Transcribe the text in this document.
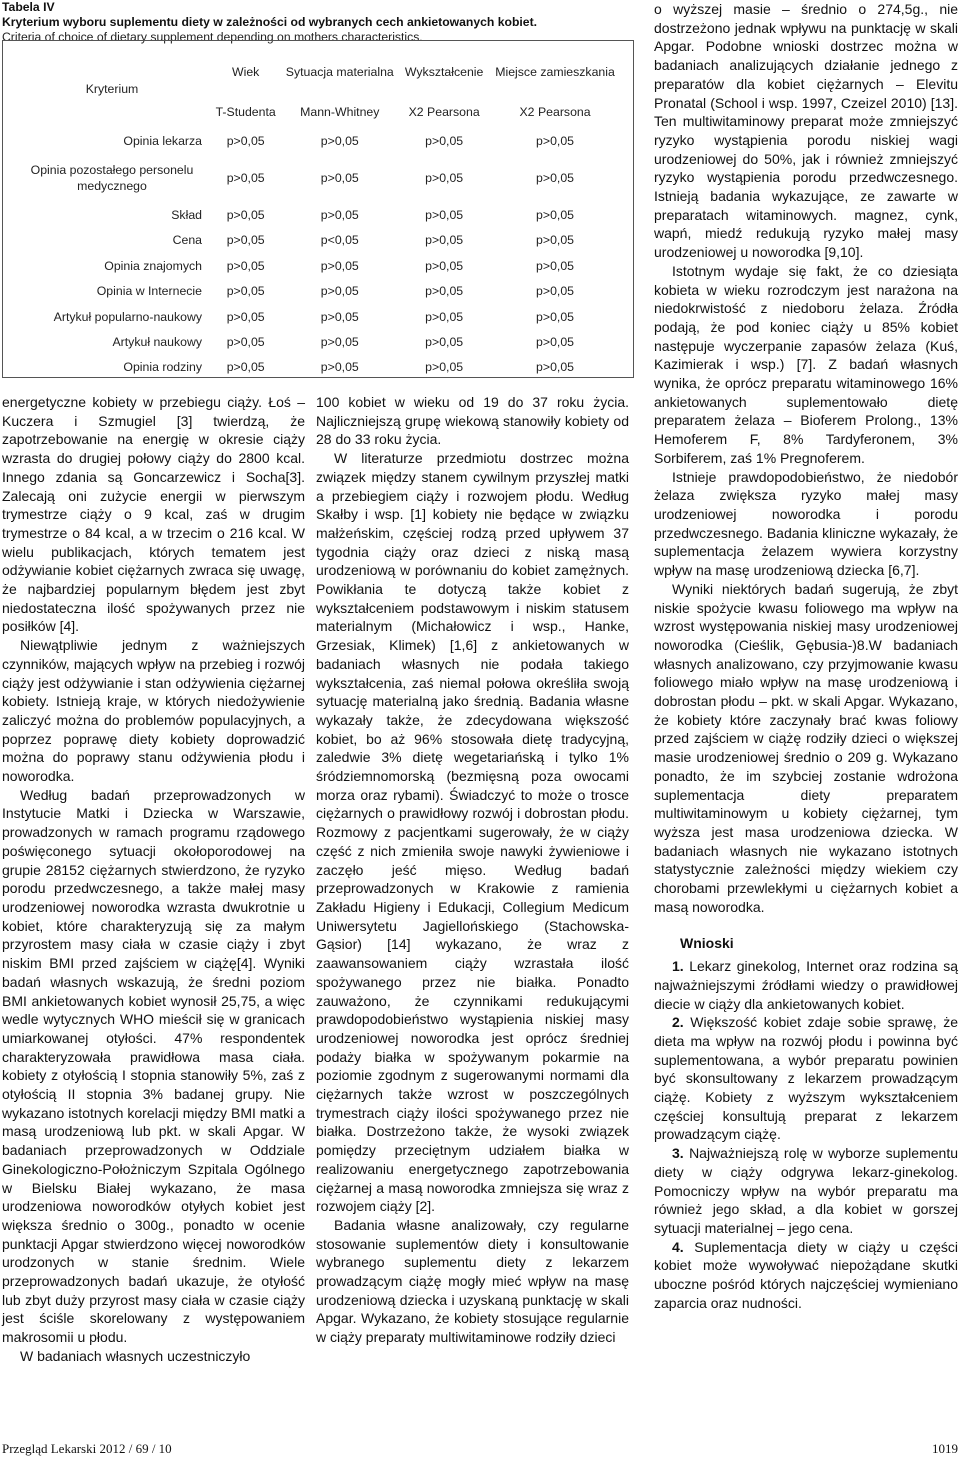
Tabela IV
Kryterium wyboru suplementu diety w zależności od wybranych cech ankietowanych kobiet.
Criteria of choice of dietary supplement depending on mothers characteristics.
Kryterium	Wiek	Sytuacja materialna	Wykształcenie	Miejsce zamieszkania
	T-Studenta	Mann-Whitney	X2 Pearsona	X2 Pearsona
Opinia lekarza	p>0,05	p>0,05	p>0,05	p>0,05
Opinia pozostałego personelu medycznego	p>0,05	p>0,05	p>0,05	p>0,05
Skład	p>0,05	p>0,05	p>0,05	p>0,05
Cena	p>0,05	p<0,05	p>0,05	p>0,05
Opinia znajomych	p>0,05	p>0,05	p>0,05	p>0,05
Opinia w Internecie	p>0,05	p>0,05	p>0,05	p>0,05
Artykuł popularno-naukowy	p>0,05	p>0,05	p>0,05	p>0,05
Artykuł naukowy	p>0,05	p>0,05	p>0,05	p>0,05
Opinia rodziny	p>0,05	p>0,05	p>0,05	p>0,05

energetyczne kobiety w przebiegu ciąży. Łoś – Kuczera i Szmugiel [3] twierdzą, że zapotrzebowanie na energię w okresie ciąży wzrasta do drugiej połowy ciąży do 2800 kcal. Innego zdania są Goncarzewicz i Socha[3]. Zalecają oni zużycie energii w pierwszym trymestrze ciąży o 9 kcal, zaś w drugim trymestrze o 84 kcal, a w trzecim o 216 kcal. W wielu publikacjach, których tematem jest odżywianie kobiet ciężarnych zwraca się uwagę, że najbardziej popularnym błędem jest zbyt niedostateczna ilość spożywanych przez nie posiłków [4].

Niewątpliwie jednym z ważniejszych czynników, mających wpływ na przebieg i rozwój ciąży jest odżywianie i stan odżywienia ciężarnej kobiety. Istnieją kraje, w których niedożywienie zaliczyć można do problemów populacyjnych, a poprzez poprawę diety kobiety doprowadzić można do poprawy stanu odżywienia płodu i noworodka.

Według badań przeprowadzonych w Instytucie Matki i Dziecka w Warszawie, prowadzonych w ramach programu rządowego poświęconego sytuacji okołoporodowej na grupie 28152 ciężarnych stwierdzono, że ryzyko porodu przedwczesnego, a także małej masy urodzeniowej noworodka wzrasta dwukrotnie u kobiet, które charakteryzują się za małym przyrostem masy ciała w czasie ciąży i zbyt niskim BMI przed zajściem w ciążę[4]. Wyniki badań własnych wskazują, że średni poziom BMI ankietowanych kobiet wynosił 25,75, a więc wedle wytycznych WHO mieścił się w granicach umiarkowanej otyłości. 47% respondentek charakteryzowała prawidłowa masa ciała. kobiety z otyłością I stopnia stanowiły 5%, zaś z otyłością II stopnia 3% badanej grupy. Nie wykazano istotnych korelacji między BMI matki a masą urodzeniową lub pkt. w skali Apgar. W badaniach przeprowadzonych w Oddziale Ginekologiczno-Położniczym Szpitala Ogólnego w Bielsku Białej wykazano, że masa urodzeniowa noworodków otyłych kobiet jest większa średnio o 300g., ponadto w ocenie punktacji Apgar stwierdzono więcej noworodków urodzonych w stanie średnim. Wiele przeprowadzonych badań ukazuje, że otyłość lub zbyt duży przyrost masy ciała w czasie ciąży jest ściśle skorelowany z występowaniem makrosomii u płodu.

W badaniach własnych uczestniczyło

100 kobiet w wieku od 19 do 37 roku życia. Najliczniejszą grupę wiekową stanowiły kobiety od 28 do 33 roku życia.

W literaturze przedmiotu dostrzec można związek między stanem cywilnym przyszłej matki a przebiegiem ciąży i rozwojem płodu. Według Skałby i wsp. [1] kobiety nie będące w związku małżeńskim, częściej rodzą przed upływem 37 tygodnia ciąży oraz dzieci z niską masą urodzeniową w porównaniu do kobiet zamężnych. Powikłania te dotyczą także kobiet z wykształceniem podstawowym i niskim statusem materialnym (Michałowicz i wsp., Hanke, Grzesiak, Klimek) [1,6] z ankietowanych w badaniach własnych nie podała takiego wykształcenia, zaś niemal połowa określiła swoją sytuację materialną jako średnią. Badania własne wykazały także, że zdecydowana większość kobiet, bo aż 96% stosowała dietę tradycyjną, zaledwie 3% dietę wegetariańską i tylko 1% śródziemnomorską (bezmięsną poza owocami morza oraz rybami). Świadczyć to może o trosce ciężarnych o prawidłowy rozwój i dobrostan płodu. Rozmowy z pacjentkami sugerowały, że w ciąży część z nich zmieniła swoje nawyki żywieniowe i zaczęło jeść mięso. Według badań przeprowadzonych w Krakowie z ramienia Zakładu Higieny i Edukacji, Collegium Medicum Uniwersytetu Jagiellońskiego (Stachowska-Gąsior) [14] wykazano, że wraz z zaawansowaniem ciąży wzrastała ilość spożywanego przez nie białka. Ponadto zauważono, że czynnikami redukującymi prawdopodobieństwo wystąpienia niskiej masy urodzeniowej noworodka jest oprócz średniej podaży białka w spożywanym pokarmie na poziomie zgodnym z sugerowanymi normami dla ciężarnych także wzrost w poszczególnych trymestrach ciąży ilości spożywanego przez nie białka. Dostrzeżono także, że wysoki związek pomiędzy przeciętnym udziałem białka w realizowaniu energetycznego zapotrzebowania ciężarnej a masą noworodka zmniejsza się wraz z rozwojem ciąży [2].

Badania własne analizowały, czy regularne stosowanie suplementów diety i konsultowanie wybranego suplementu diety z lekarzem prowadzącym ciążę mogły mieć wpływ na masę urodzeniową dziecka i uzyskaną punktację w skali Apgar. Wykazano, że kobiety stosujące regularnie w ciąży preparaty multiwitaminowe rodziły dzieci

o wyższej masie – średnio o 274,5g., nie dostrzeżono jednak wpływu na punktację w skali Apgar. Podobne wnioski dostrzec można w badaniach analizujących działanie jednego z preparatów dla kobiet ciężarnych – Elevitu Pronatal (School i wsp. 1997, Czeizel 2010) [13]. Ten multiwitaminowy preparat może zmniejszyć ryzyko wystąpienia porodu niskiej wagi urodzeniowej do 50%, jak i również zmniejszyć ryzyko wystąpienia porodu przedwczesnego. Istnieją badania wykazujące, ze zawarte w preparatach witaminowych. magnez, cynk, wapń, miedź redukują ryzyko małej masy urodzeniowej u noworodka [9,10].

Istotnym wydaje się fakt, że co dziesiąta kobieta w wieku rozrodczym jest narażona na niedokrwistość z niedoboru żelaza. Źródła podają, że pod koniec ciąży u 85% kobiet następuje wyczerpanie zapasów żelaza (Kuś, Kazimierak i wsp.) [7]. Z badań własnych wynika, że oprócz preparatu witaminowego 16% ankietowanych suplementowało dietę preparatem żelaza – Bioferem Prolong., 13% Hemoferem F, 8% Tardyferonem, 3% Sorbiferem, zaś 1% Pregnoferem.

Istnieje prawdopodobieństwo, że niedobór żelaza zwiększa ryzyko małej masy urodzeniowej noworodka i porodu przedwczesnego. Badania kliniczne wykazały, że suplementacja żelazem wywiera korzystny wpływ na masę urodzeniową dziecka [6,7].

Wyniki niektórych badań sugerują, że zbyt niskie spożycie kwasu foliowego ma wpływ na wzrost występowania niskiej masy urodzeniowej noworodka (Cieślik, Gębusia-)8.W badaniach własnych analizowano, czy przyjmowanie kwasu foliowego miało wpływ na masę urodzeniową i dobrostan płodu – pkt. w skali Apgar. Wykazano, że kobiety które zaczynały brać kwas foliowy przed zajściem w ciążę rodziły dzieci o większej masie urodzeniowej średnio o 209 g. Wykazano ponadto, że im szybciej zostanie wdrożona suplementacja diety preparatem multiwitaminowym u kobiety ciężarnej, tym wyższa jest masa urodzeniowa dziecka. W badaniach własnych nie wykazano istotnych statystycznie zależności między wiekiem czy chorobami przewlekłymi u ciężarnych kobiet a masą noworodka.

Wnioski

1. Lekarz ginekolog, Internet oraz rodzina są najważniejszymi źródłami wiedzy o prawidłowej diecie w ciąży dla ankietowanych kobiet.

2. Większość kobiet zdaje sobie sprawę, że dieta ma wpływ na rozwój płodu i powinna być suplementowana, a wybór preparatu powinien być skonsultowany z lekarzem prowadzącym ciążę. Kobiety z wyższym wykształceniem częściej konsultują preparat z lekarzem prowadzącym ciążę.

3. Najważniejszą rolę w wyborze suplementu diety w ciąży odgrywa lekarz-ginekolog. Pomocniczy wpływ na wybór preparatu ma również jego skład, a dla kobiet w gorszej sytuacji materialnej – jego cena.

4. Suplementacja diety w ciąży u części kobiet może wywoływać niepożądane skutki uboczne pośród których najczęściej wymieniano zaparcia oraz nudności.

Przegląd Lekarski 2012 / 69 / 10	1019
